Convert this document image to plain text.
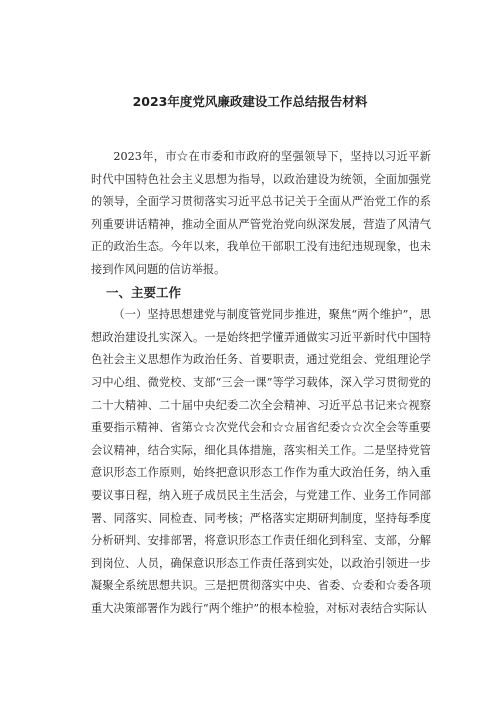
2023年度党风廉政建设工作总结报告材料

2023年，市☆在市委和市政府的坚强领导下，坚持以习近平新时代中国特色社会主义思想为指导，以政治建设为统领，全面加强党的领导，全面学习贯彻落实习近平总书记关于全面从严治党工作的系列重要讲话精神，推动全面从严管党治党向纵深发展，营造了风清气正的政治生态。今年以来，我单位干部职工没有违纪违规现象，也未接到作风问题的信访举报。

一、主要工作

（一）坚持思想建党与制度管党同步推进，聚焦“两个维护”，思想政治建设扎实深入。一是始终把学懂弄通做实习近平新时代中国特色社会主义思想作为政治任务、首要职责，通过党组会、党组理论学习中心组、微党校、支部“三会一课”等学习载体，深入学习贯彻党的二十大精神、二十届中央纪委二次全会精神、习近平总书记来☆视察重要指示精神、省第☆☆次党代会和☆☆届省纪委☆☆次全会等重要会议精神，结合实际，细化具体措施，落实相关工作。二是坚持党管意识形态工作原则，始终把意识形态工作作为重大政治任务，纳入重要议事日程，纳入班子成员民主生活会，与党建工作、业务工作同部署、同落实、同检查、同考核；严格落实定期研判制度，坚持每季度分析研判、安排部署，将意识形态工作责任细化到科室、支部，分解到岗位、人员，确保意识形态工作责任落到实处，以政治引领进一步凝聚全系统思想共识。三是把贯彻落实中央、省委、☆委和☆委各项重大决策部署作为践行“两个维护”的根本检验，对标对表结合实际认
